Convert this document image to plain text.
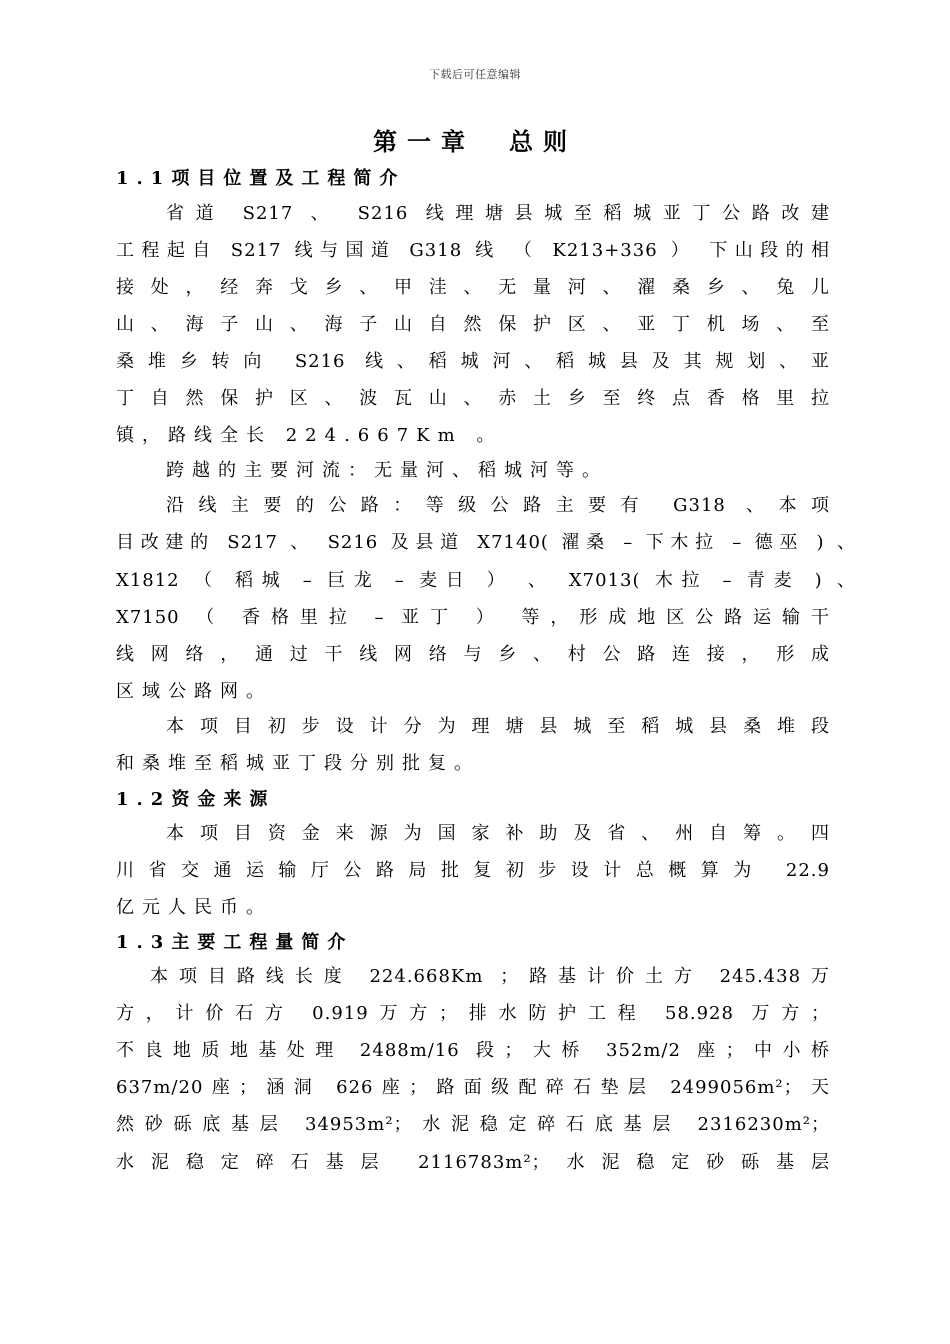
下载后可任意编辑
第一章　总则
1.1项目位置及工程简介
省道 S217 、 S216 线理塘县城至稻城亚丁公路改建
工程起自 S217 线与国道 G318 线 （ K213+336 ） 下山段的相
接处，经奔戈乡、甲洼、无量河、濯桑乡、兔儿
山、海子山、海子山自然保护区、亚丁机场、至
桑堆乡转向 S216 线、稻城河、稻城县及其规划、亚
丁自然保护区、波瓦山、赤土乡至终点香格里拉
镇，路线全长 224.667Km 。
跨越的主要河流：无量河、稻城河等。
沿线主要的公路：等级公路主要有 G318 、本项
目改建的 S217 、 S216 及县道 X7140( 濯桑 – 下木拉 – 德巫 ) 、
X1812 （ 稻城 – 巨龙 – 麦日 ） 、 X7013( 木拉 – 青麦 ) 、
X7150 （ 香格里拉 – 亚丁 ） 等，形成地区公路运输干
线网络，通过干线网络与乡、村公路连接，形成
区域公路网。
本项目初步设计分为理塘县城至稻城县桑堆段
和桑堆至稻城亚丁段分别批复。
1.2资金来源
本项目资金来源为国家补助及省、州自筹。四
川省交通运输厅公路局批复初步设计总概算为 22.9
亿元人民币。
1.3主要工程量简介
本项目路线长度 224.668Km ；路基计价土方 245.438万
方，计价石方 0.919万方；排水防护工程 58.928 万方；
不良地质地基处理 2488m/16 段；大桥 352m/2 座；中小桥
637m/20座；涵洞 626座；路面级配碎石垫层 2499056m²；天
然砂砾底基层 34953m²；水泥稳定碎石底基层 2316230m²；
水泥稳定碎石基层 2116783m²；水泥稳定砂砾基层
